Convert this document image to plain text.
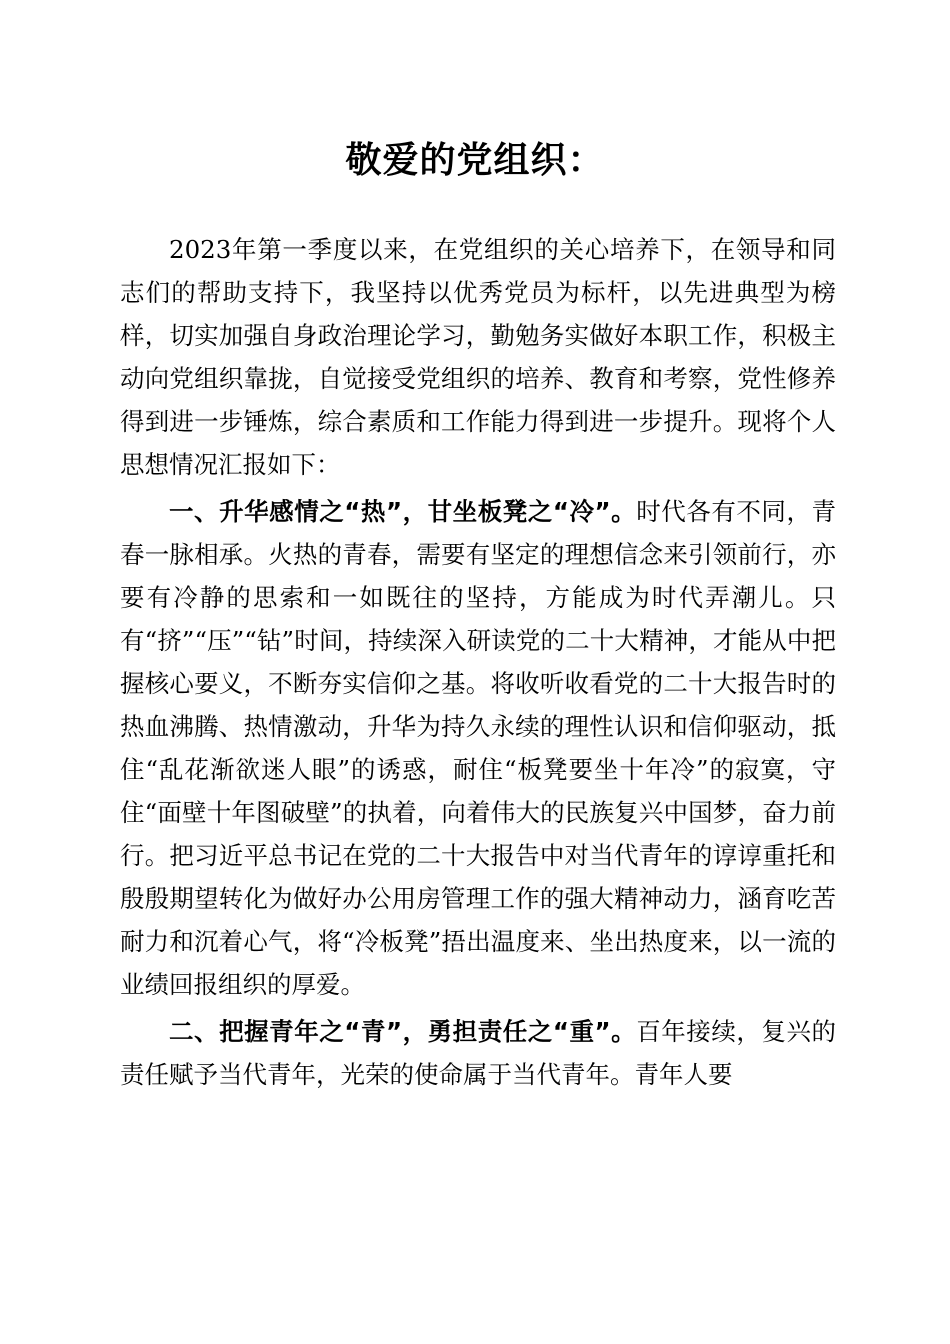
敬爱的党组织：

2023年第一季度以来，在党组织的关心培养下，在领导和同志们的帮助支持下，我坚持以优秀党员为标杆，以先进典型为榜样，切实加强自身政治理论学习，勤勉务实做好本职工作，积极主动向党组织靠拢，自觉接受党组织的培养、教育和考察，党性修养得到进一步锤炼，综合素质和工作能力得到进一步提升。现将个人思想情况汇报如下：

一、升华感情之“热”，甘坐板凳之“冷”。时代各有不同，青春一脉相承。火热的青春，需要有坚定的理想信念来引领前行，亦要有冷静的思索和一如既往的坚持，方能成为时代弄潮儿。只有“挤”“压”“钻”时间，持续深入研读党的二十大精神，才能从中把握核心要义，不断夯实信仰之基。将收听收看党的二十大报告时的热血沸腾、热情激动，升华为持久永续的理性认识和信仰驱动，抵住“乱花渐欲迷人眼”的诱惑，耐住“板凳要坐十年冷”的寂寞，守住“面壁十年图破壁”的执着，向着伟大的民族复兴中国梦，奋力前行。把习近平总书记在党的二十大报告中对当代青年的谆谆重托和殷殷期望转化为做好办公用房管理工作的强大精神动力，涵育吃苦耐力和沉着心气，将“冷板凳”捂出温度来、坐出热度来，以一流的业绩回报组织的厚爱。

二、把握青年之“青”，勇担责任之“重”。百年接续，复兴的责任赋予当代青年，光荣的使命属于当代青年。青年人要
